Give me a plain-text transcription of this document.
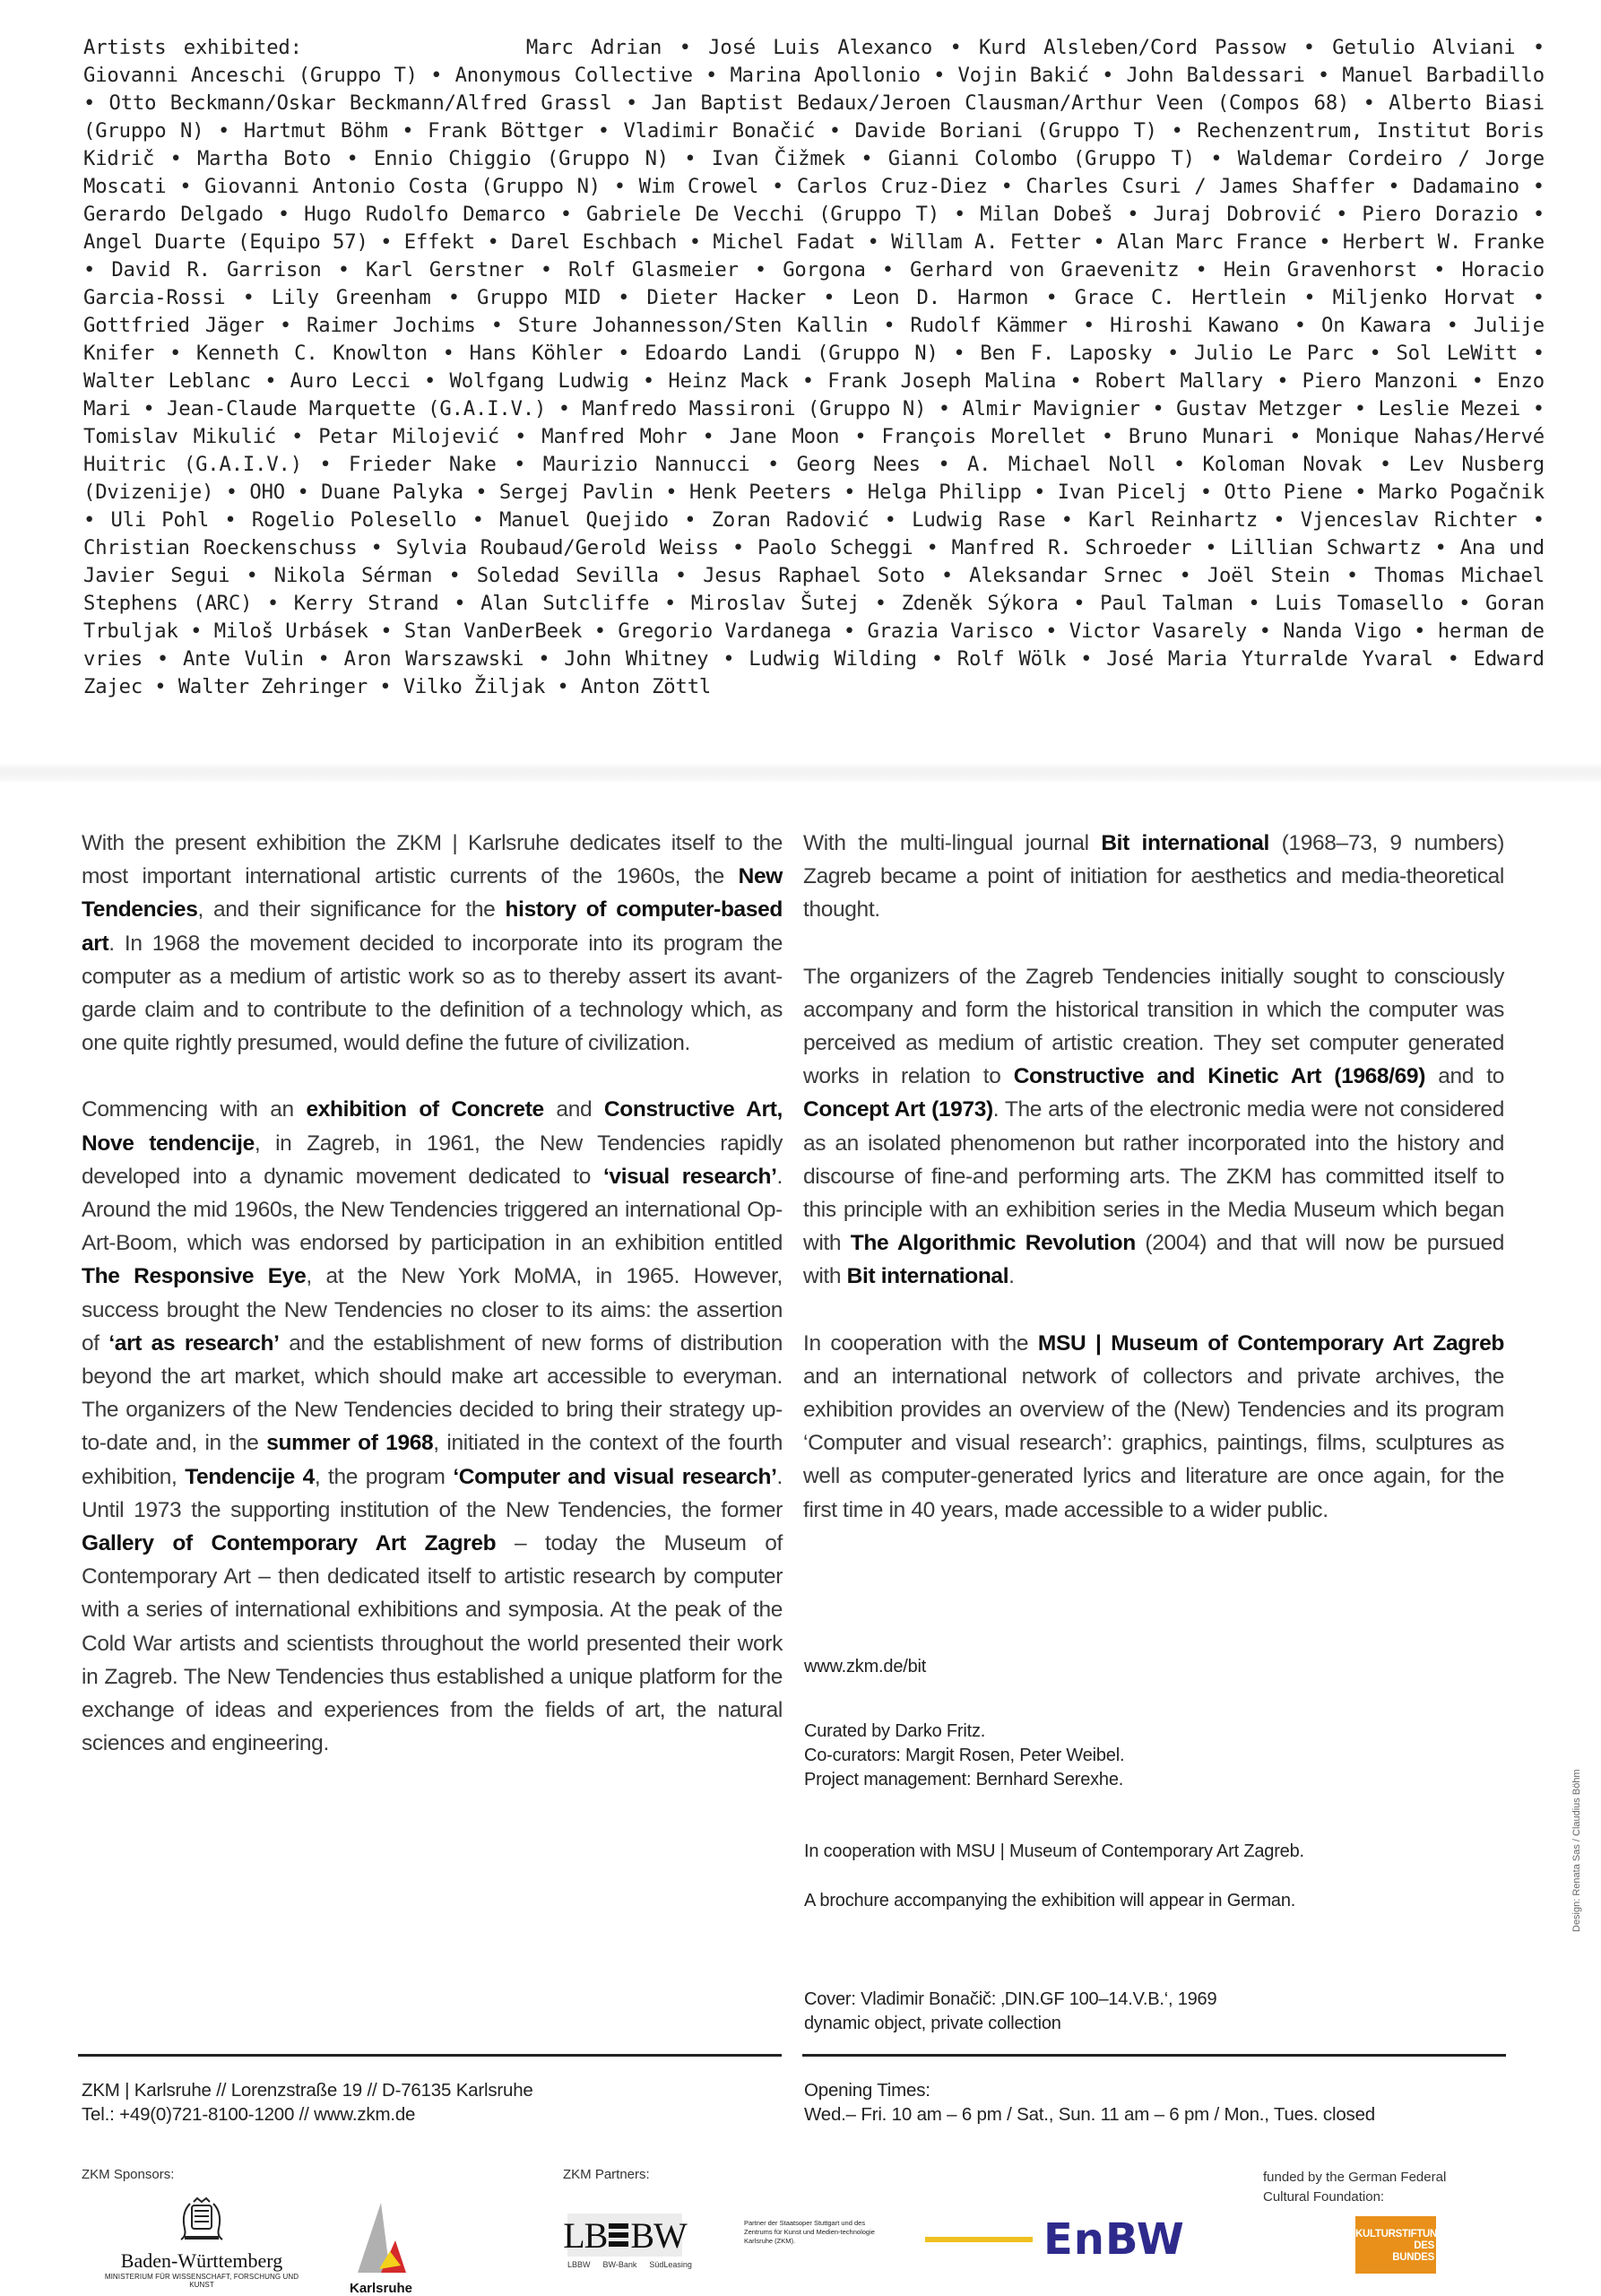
Artists exhibited:	Marc Adrian • José Luis Alexanco • Kurd Alsleben/Cord Passow • Getulio Alviani • Giovanni Anceschi (Gruppo T) • Anonymous Collective • Marina Apollonio • Vojin Bakić • John Baldessari • Manuel Barbadillo • Otto Beckmann/Oskar Beckmann/Alfred Grassl • Jan Baptist Bedaux/Jeroen Clausman/Arthur Veen (Compos 68) • Alberto Biasi (Gruppo N) • Hartmut Böhm • Frank Böttger • Vladimir Bonačić • Davide Boriani (Gruppo T) • Rechenzentrum, Institut Boris Kidrič • Martha Boto • Ennio Chiggio (Gruppo N) • Ivan Čižmek • Gianni Colombo (Gruppo T) • Waldemar Cordeiro / Jorge Moscati • Giovanni Antonio Costa (Gruppo N) • Wim Crowel • Carlos Cruz-Diez • Charles Csuri / James Shaffer • Dadamaino • Gerardo Delgado • Hugo Rudolfo Demarco • Gabriele De Vecchi (Gruppo T) • Milan Dobeš • Juraj Dobrović • Piero Dorazio • Angel Duarte (Equipo 57) • Effekt • Darel Eschbach • Michel Fadat • Willam A. Fetter • Alan Marc France • Herbert W. Franke • David R. Garrison • Karl Gerstner • Rolf Glasmeier • Gorgona • Gerhard von Graevenitz • Hein Gravenhorst • Horacio Garcia-Rossi • Lily Greenham • Gruppo MID • Dieter Hacker • Leon D. Harmon • Grace C. Hertlein • Miljenko Horvat • Gottfried Jäger • Raimer Jochims • Sture Johannesson/Sten Kallin • Rudolf Kämmer • Hiroshi Kawano • On Kawara • Julije Knifer • Kenneth C. Knowlton • Hans Köhler • Edoardo Landi (Gruppo N) • Ben F. Laposky • Julio Le Parc • Sol LeWitt • Walter Leblanc • Auro Lecci • Wolfgang Ludwig • Heinz Mack • Frank Joseph Malina • Robert Mallary • Piero Manzoni • Enzo Mari • Jean-Claude Marquette (G.A.I.V.) • Manfredo Massironi (Gruppo N) • Almir Mavignier • Gustav Metzger • Leslie Mezei • Tomislav Mikulić • Petar Milojević • Manfred Mohr • Jane Moon • François Morellet • Bruno Munari • Monique Nahas/Hervé Huitric (G.A.I.V.) • Frieder Nake • Maurizio Nannucci • Georg Nees • A. Michael Noll • Koloman Novak • Lev Nusberg (Dvizenije) • OHO • Duane Palyka • Sergej Pavlin • Henk Peeters • Helga Philipp • Ivan Picelj • Otto Piene • Marko Pogačnik • Uli Pohl • Rogelio Polesello • Manuel Quejido • Zoran Radović • Ludwig Rase • Karl Reinhartz • Vjenceslav Richter • Christian Roeckenschuss • Sylvia Roubaud/Gerold Weiss • Paolo Scheggi • Manfred R. Schroeder • Lillian Schwartz • Ana und Javier Segui • Nikola Sérman • Soledad Sevilla • Jesus Raphael Soto • Aleksandar Srnec • Joël Stein • Thomas Michael Stephens (ARC) • Kerry Strand • Alan Sutcliffe • Miroslav Šutej • Zdeněk Sýkora • Paul Talman • Luis Tomasello • Goran Trbuljak • Miloš Urbásek • Stan VanDerBeek • Gregorio Vardanega • Grazia Varisco • Victor Vasarely • Nanda Vigo • herman de vries • Ante Vulin • Aron Warszawski • John Whitney • Ludwig Wilding • Rolf Wölk • José Maria Yturralde Yvaral • Edward Zajec • Walter Zehringer • Vilko Žiljak • Anton Zöttl

With the present exhibition the ZKM | Karlsruhe dedicates itself to the most important international artistic currents of the 1960s, the New Tendencies, and their significance for the history of computer-based art. In 1968 the movement decided to incorporate into its program the computer as a medium of artistic work so as to thereby assert its avant-garde claim and to contribute to the definition of a technology which, as one quite rightly presumed, would define the future of civilization.

Commencing with an exhibition of Concrete and Constructive Art, Nove tendencije, in Zagreb, in 1961, the New Tendencies rapidly developed into a dynamic movement dedicated to ‘visual research’. Around the mid 1960s, the New Tendencies triggered an international Op-Art-Boom, which was endorsed by participation in an exhibition entitled The Responsive Eye, at the New York MoMA, in 1965. However, success brought the New Tendencies no closer to its aims: the assertion of ‘art as research’ and the establishment of new forms of distribution beyond the art market, which should make art accessible to everyman. The organizers of the New Tendencies decided to bring their strategy up-to-date and, in the summer of 1968, initiated in the context of the fourth exhibition, Tendencije 4, the program ‘Computer and visual research’. Until 1973 the supporting institution of the New Tendencies, the former Gallery of Contemporary Art Zagreb – today the Museum of Contemporary Art – then dedicated itself to artistic research by computer with a series of international exhibitions and symposia. At the peak of the Cold War artists and scientists throughout the world presented their work in Zagreb. The New Tendencies thus established a unique platform for the exchange of ideas and experiences from the fields of art, the natural sciences and engineering.

With the multi-lingual journal Bit international (1968–73, 9 numbers) Zagreb became a point of initiation for aesthetics and media-theoretical thought.

The organizers of the Zagreb Tendencies initially sought to consciously accompany and form the historical transition in which the computer was perceived as medium of artistic creation. They set computer generated works in relation to Constructive and Kinetic Art (1968/69) and to Concept Art (1973). The arts of the electronic media were not considered as an isolated phenomenon but rather incorporated into the history and discourse of fine-and performing arts. The ZKM has committed itself to this principle with an exhibition series in the Media Museum which began with The Algorithmic Revolution (2004) and that will now be pursued with Bit international.

In cooperation with the MSU | Museum of Contemporary Art Zagreb and an international network of collectors and private archives, the exhibition provides an overview of the (New) Tendencies and its program ‘Computer and visual research’: graphics, paintings, films, sculptures as well as computer-generated lyrics and literature are once again, for the first time in 40 years, made accessible to a wider public.

www.zkm.de/bit
Curated by Darko Fritz.
Co-curators: Margit Rosen, Peter Weibel.
Project management: Bernhard Serexhe.
In cooperation with MSU | Museum of Contemporary Art Zagreb.
A brochure accompanying the exhibition will appear in German.
Cover: Vladimir Bonačič: ‚DIN.GF 100–14.V.B.‘, 1969
dynamic object, private collection
ZKM | Karlsruhe // Lorenzstraße 19 // D-76135 Karlsruhe
Tel.: +49(0)721-8100-1200 // www.zkm.de
Opening Times:
Wed.– Fri. 10 am – 6 pm / Sat., Sun. 11 am – 6 pm / Mon., Tues. closed
ZKM Sponsors:	ZKM Partners:	funded by the German Federal
Cultural Foundation:
Baden-Württemberg
MINISTERIUM FÜR WISSENSCHAFT, FORSCHUNG UND KUNST	Karlsruhe
LB BW
LBBW BW-Bank SüdLeasing
Partner der Staatsoper Stuttgart und des Zentrums für Kunst und Medien-technologie Karlsruhe (ZKM).	EnBW	KULTURSTIFTUNG
DES
BUNDES
Design: Renata Sas / Claudius Böhm
